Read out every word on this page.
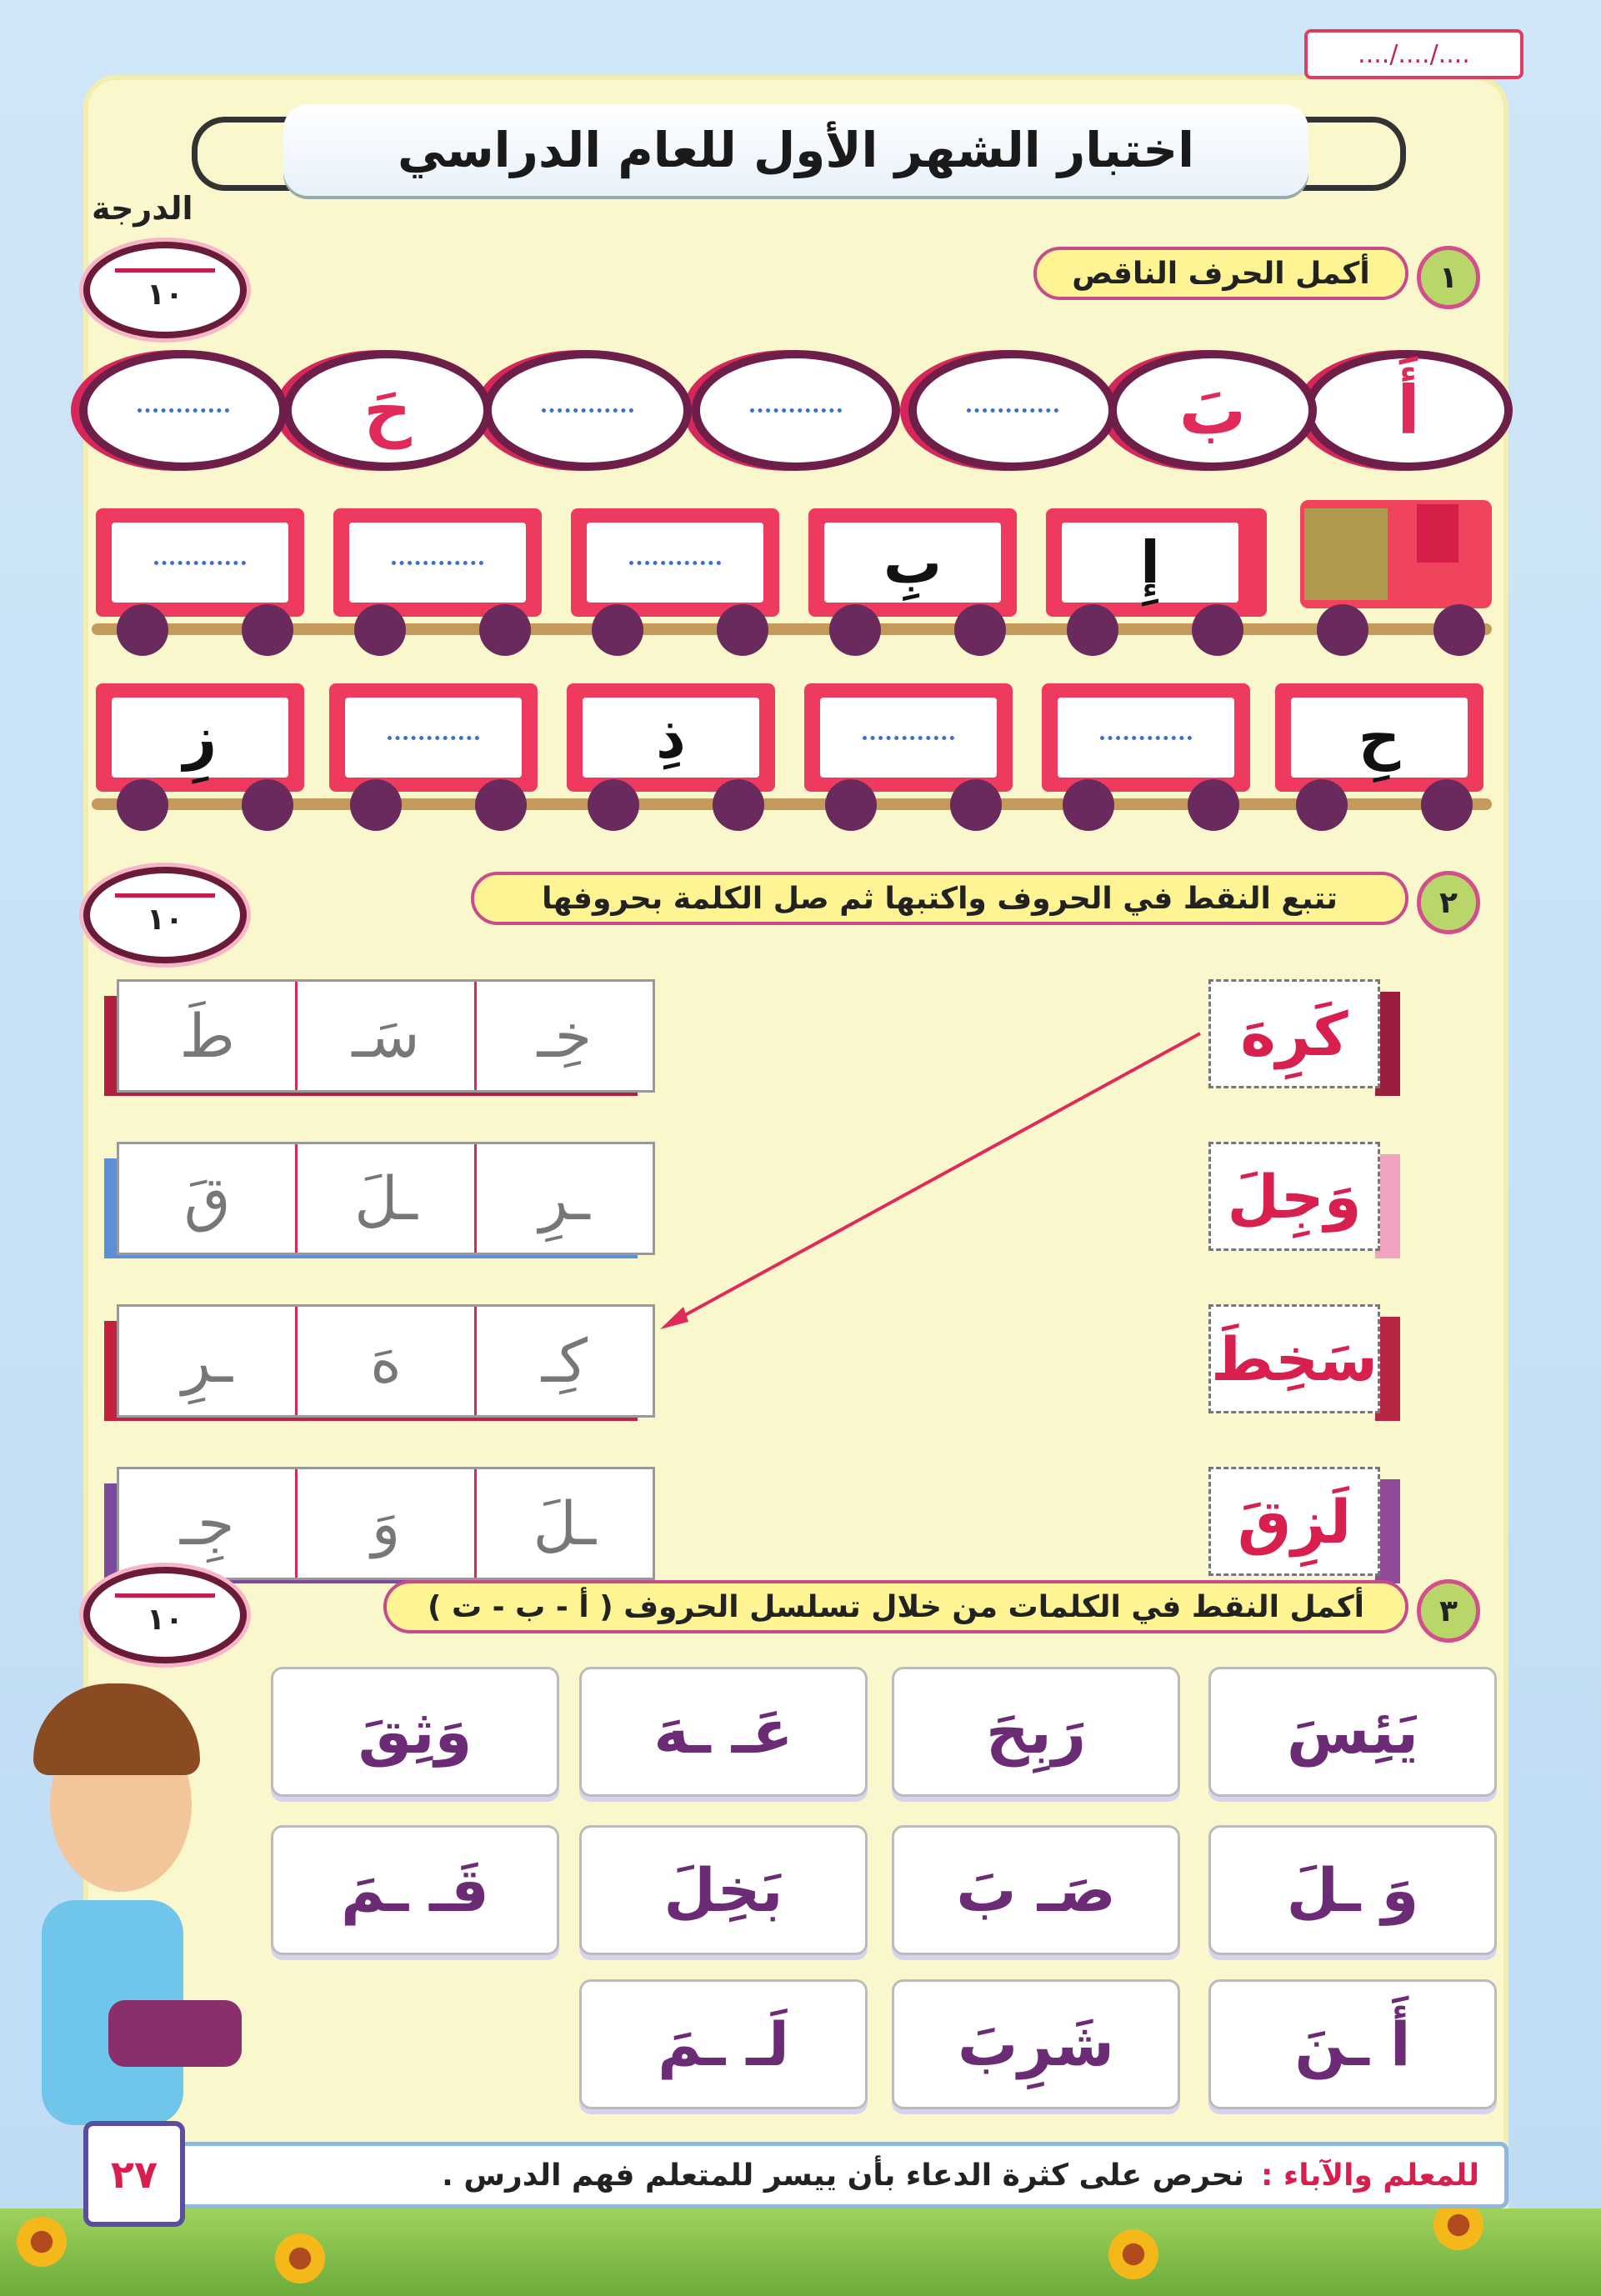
..../..../....
اختبار الشهر الأول للعام الدراسي
الدرجة
١٠	١
أكمل الحرف الناقص
أَ
بَ
حَ
إِ
بِ
حِ
ذِ
زِ
١٠	٢
تتبع النقط في الحروف واكتبها ثم صل الكلمة بحروفها
كَرِهَ
وَجِلَ
سَخِطَ
لَزِقَ
طَ سَـ خِـ
قَ ـلَ ـرِ
ـرِ هَ كِـ
جِـ وَ ـلَ
١٠	٣
أكمل النقط في الكلمات من خلال تسلسل الحروف ( أ - ب - ت )
يَئِسَ
رَبِحَ
عَـ ـهَ
وَثِقَ
وَ ـلَ
صَـ بَ
بَخِلَ
قَـ ـمَ
أَ ـنَ
شَرِبَ
لَـ ـمَ
نحرص على كثرة الدعاء بأن ييسر للمتعلم فهم الدرس . للمعلم والآباء :
٢٧
